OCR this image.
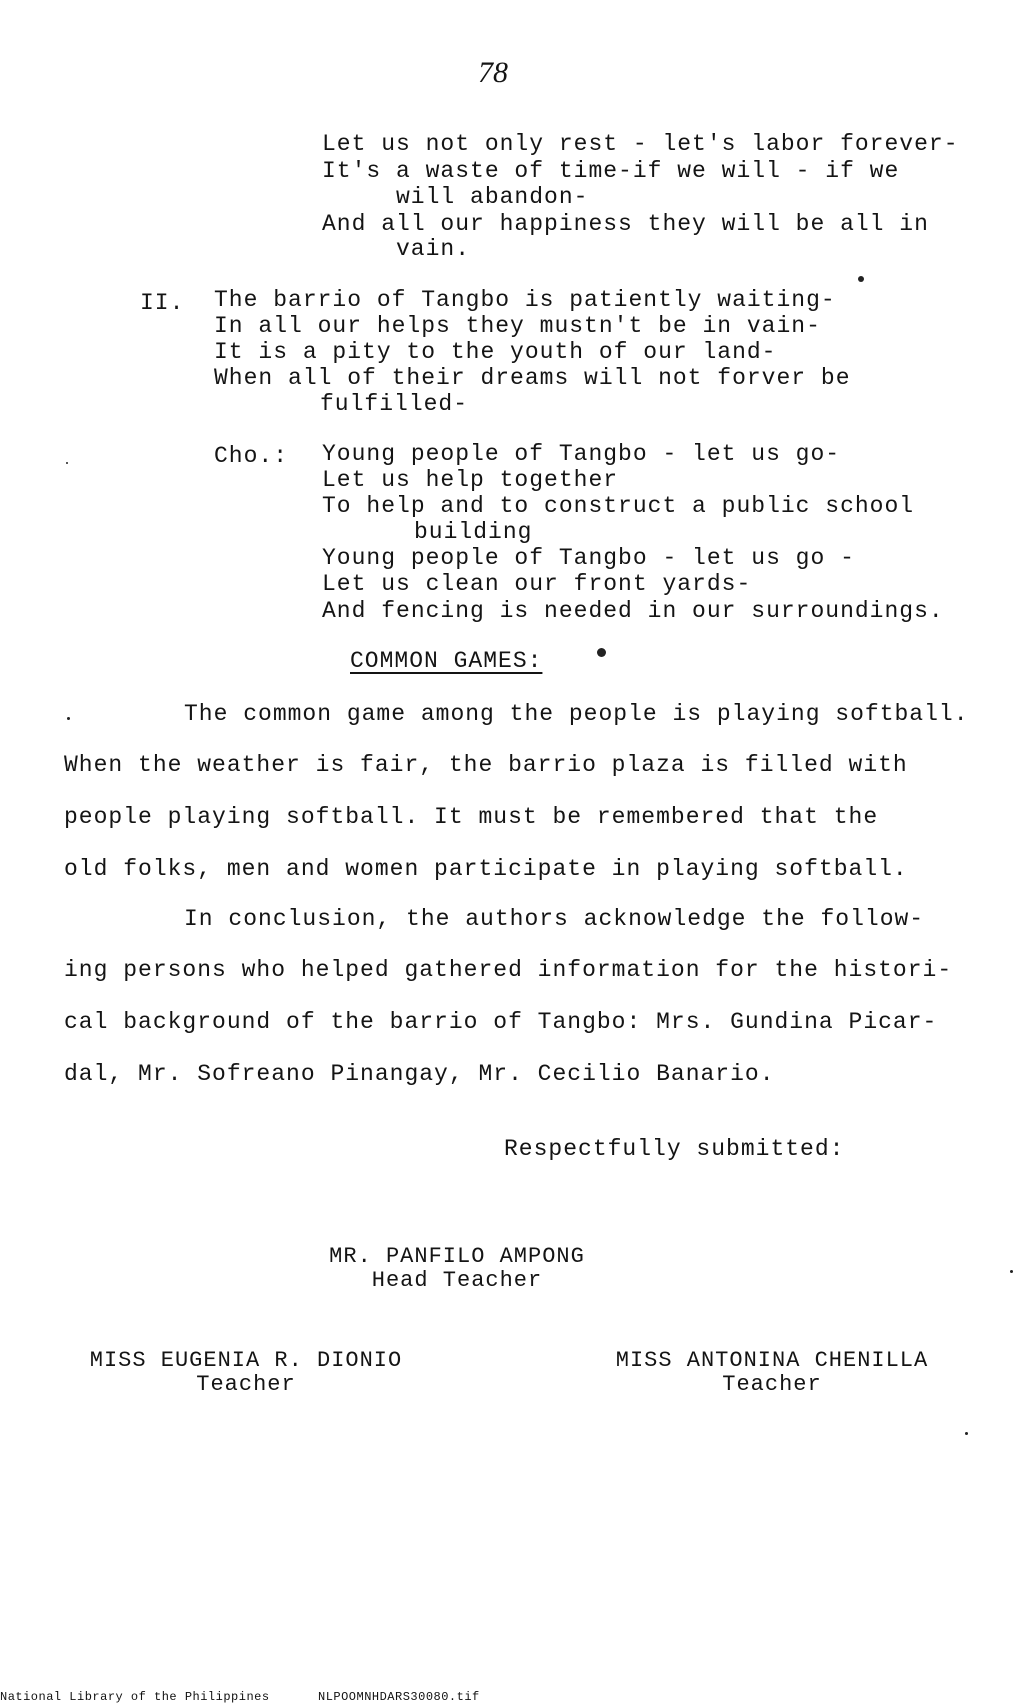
78
Let us not only rest - let's labor forever-
It's a waste of time-if we will - if we
will abandon-
And all our happiness they will be all in
vain.
II. The barrio of Tangbo is patiently waiting-
In all our helps they mustn't be in vain-
It is a pity to the youth of our land-
When all of their dreams will not forver be
fulfilled-
Cho.: Young people of Tangbo - let us go-
Let us help together
To help and to construct a public school
building
Young people of Tangbo - let us go -
Let us clean our front yards-
And fencing is needed in our surroundings.
COMMON GAMES:
The common game among the people is playing softball.
When the weather is fair, the barrio plaza is filled with
people playing softball. It must be remembered that the
old folks, men and women participate in playing softball.
In conclusion, the authors acknowledge the follow-
ing persons who helped gathered information for the histori-
cal background of the barrio of Tangbo: Mrs. Gundina Picar-
dal, Mr. Sofreano Pinangay, Mr. Cecilio Banario.
Respectfully submitted:
MR. PANFILO AMPONG
Head Teacher
MISS EUGENIA R. DIONIO
Teacher
MISS ANTONINA CHENILLA
Teacher
National Library of the Philippines	NLPOOMNHDARS30080.tif
